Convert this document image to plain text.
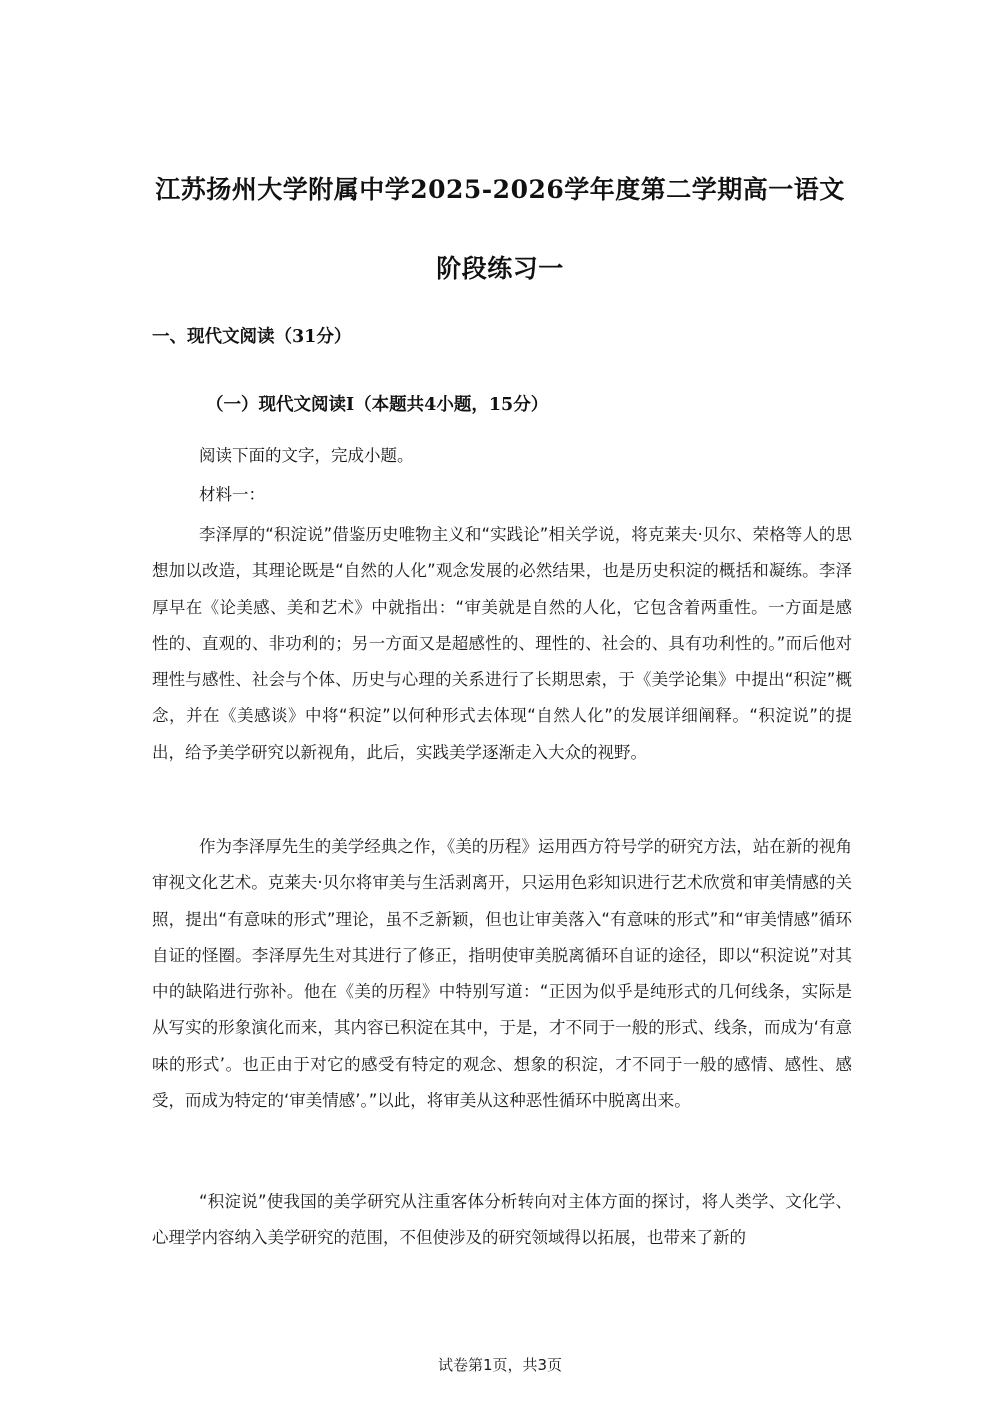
江苏扬州大学附属中学2025-2026学年度第二学期高一语文
阶段练习一
一、现代文阅读（31分）
（一）现代文阅读Ⅰ（本题共4小题，15分）
阅读下面的文字，完成小题。
材料一：

李泽厚的“积淀说”借鉴历史唯物主义和“实践论”相关学说，将克莱夫·贝尔、荣格等人的思想加以改造，其理论既是“自然的人化”观念发展的必然结果，也是历史积淀的概括和凝练。李泽厚早在《论美感、美和艺术》中就指出：“审美就是自然的人化，它包含着两重性。一方面是感性的、直观的、非功利的；另一方面又是超感性的、理性的、社会的、具有功利性的。”而后他对理性与感性、社会与个体、历史与心理的关系进行了长期思索，于《美学论集》中提出“积淀”概念，并在《美感谈》中将“积淀”以何种形式去体现“自然人化”的发展详细阐释。“积淀说”的提出，给予美学研究以新视角，此后，实践美学逐渐走入大众的视野。

作为李泽厚先生的美学经典之作，《美的历程》运用西方符号学的研究方法，站在新的视角审视文化艺术。克莱夫·贝尔将审美与生活剥离开，只运用色彩知识进行艺术欣赏和审美情感的关照，提出“有意味的形式”理论，虽不乏新颖，但也让审美落入“有意味的形式”和“审美情感”循环自证的怪圈。李泽厚先生对其进行了修正，指明使审美脱离循环自证的途径，即以“积淀说”对其中的缺陷进行弥补。他在《美的历程》中特别写道：“正因为似乎是纯形式的几何线条，实际是从写实的形象演化而来，其内容已积淀在其中，于是，才不同于一般的形式、线条，而成为‘有意味的形式’。也正由于对它的感受有特定的观念、想象的积淀，才不同于一般的感情、感性、感受，而成为特定的‘审美情感’。”以此，将审美从这种恶性循环中脱离出来。

“积淀说”使我国的美学研究从注重客体分析转向对主体方面的探讨，将人类学、文化学、心理学内容纳入美学研究的范围，不但使涉及的研究领域得以拓展，也带来了新的

试卷第1页，共3页
